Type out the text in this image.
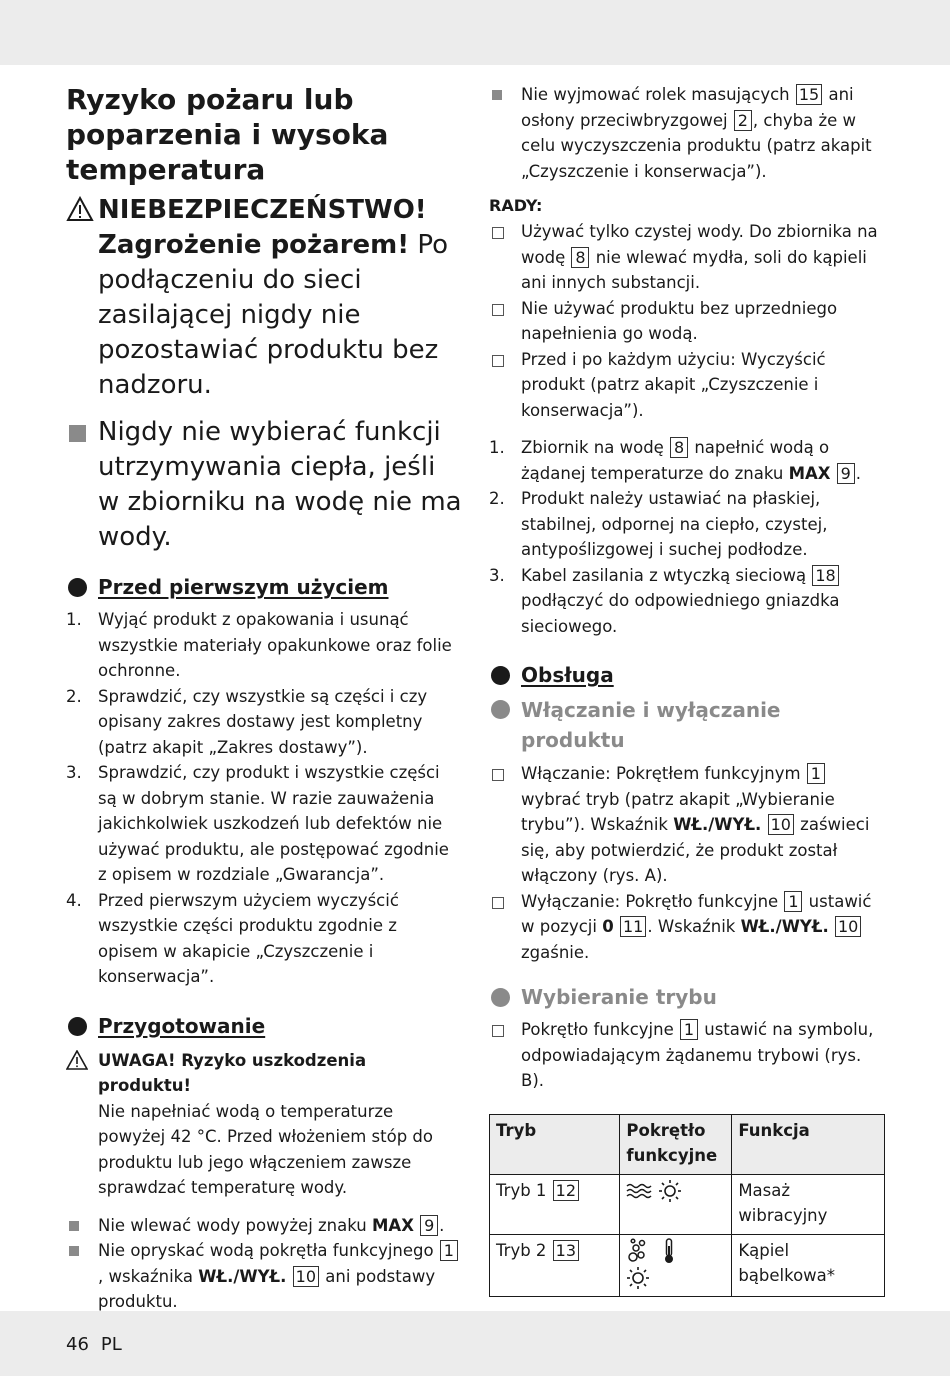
Ryzyko pożaru lub poparzenia i wysoka temperatura
NIEBEZPIECZEŃSTWO! Zagrożenie pożarem! Po podłączeniu do sieci zasilającej nigdy nie pozostawiać produktu bez nadzoru.
Nigdy nie wybierać funkcji utrzymywania ciepła, jeśli w zbiorniku na wodę nie ma wody.
Przed pierwszym użyciem
1. Wyjąć produkt z opakowania i usunąć wszystkie materiały opakunkowe oraz folie ochronne.
2. Sprawdzić, czy wszystkie są części i czy opisany zakres dostawy jest kompletny (patrz akapit „Zakres dostawy”).
3. Sprawdzić, czy produkt i wszystkie części są w dobrym stanie. W razie zauważenia jakichkolwiek uszkodzeń lub defektów nie używać produktu, ale postępować zgodnie z opisem w rozdziale „Gwarancja”.
4. Przed pierwszym użyciem wyczyścić wszystkie części produktu zgodnie z opisem w akapicie „Czyszczenie i konserwacja”.
Przygotowanie
UWAGA! Ryzyko uszkodzenia produktu!
Nie napełniać wodą o temperaturze powyżej 42 °C. Przed włożeniem stóp do produktu lub jego włączeniem zawsze sprawdzać temperaturę wody.
Nie wlewać wody powyżej znaku MAX 9 .
Nie opryskać wodą pokrętła funkcyjnego 1, wskaźnika WŁ./WYŁ. 10 ani podstawy produktu.
Nie wyjmować rolek masujących 15 ani osłony przeciwbryzgowej 2 , chyba że w celu wyczyszczenia produktu (patrz akapit „Czyszczenie i konserwacja”).
RADY:
Używać tylko czystej wody. Do zbiornika na wodę 8 nie wlewać mydła, soli do kąpieli ani innych substancji.
Nie używać produktu bez uprzedniego napełnienia go wodą.
Przed i po każdym użyciu: Wyczyścić produkt (patrz akapit „Czyszczenie i konserwacja”).
1. Zbiornik na wodę 8 napełnić wodą o żądanej temperaturze do znaku MAX 9 .
2. Produkt należy ustawiać na płaskiej, stabilnej, odpornej na ciepło, czystej, antypoślizgowej i suchej podłodze.
3. Kabel zasilania z wtyczką sieciową 18 podłączyć do odpowiedniego gniazdka sieciowego.
Obsługa
Włączanie i wyłączanie produktu
Włączanie: Pokrętłem funkcyjnym 1 wybrać tryb (patrz akapit „Wybieranie trybu”). Wskaźnik WŁ./WYŁ. 10 zaświeci się, aby potwierdzić, że produkt został włączony (rys. A).
Wyłączanie: Pokrętło funkcyjne 1 ustawić w pozycji 0 11 . Wskaźnik WŁ./WYŁ. 10 zgaśnie.
Wybieranie trybu
Pokrętło funkcyjne 1 ustawić na symbolu, odpowiadającym żądanemu trybowi (rys. B).
Tryb	Pokrętło funkcyjne	Funkcja
Tryb 1 12		Masaż wibracyjny
Tryb 2 13		Kąpiel bąbelkowa*
46 PL
